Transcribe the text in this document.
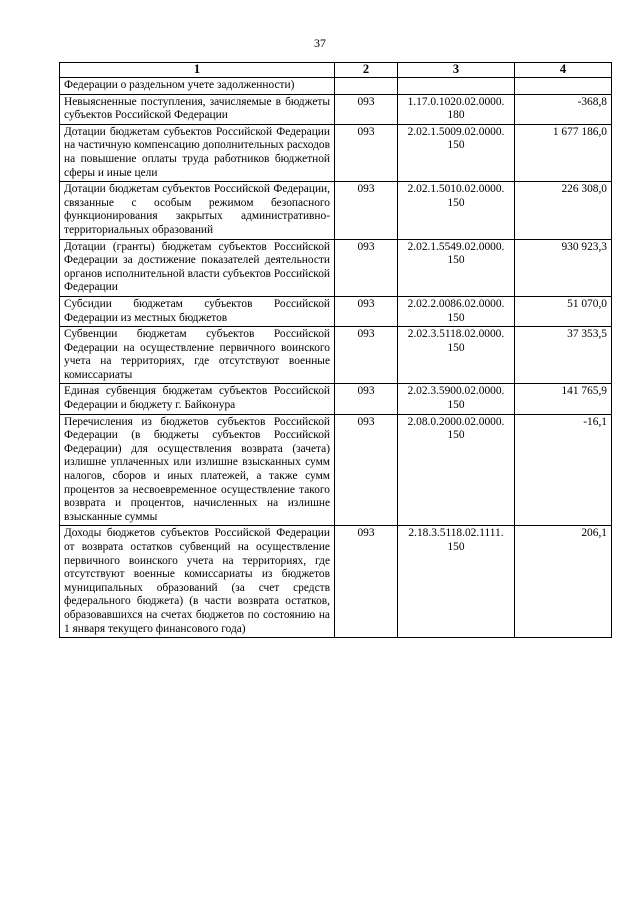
37
1	2	3	4
Федерации о раздельном учете задолженности)			
Невыясненные поступления, зачисляемые в бюджеты субъектов Российской Федерации	093	1.17.0.1020.02.0000. 180	-368,8
Дотации бюджетам субъектов Российской Федерации на частичную компенсацию дополнительных расходов на повышение оплаты труда работников бюджетной сферы и иные цели	093	2.02.1.5009.02.0000. 150	1 677 186,0
Дотации бюджетам субъектов Российской Федерации, связанные с особым режимом безопасного функционирования закрытых административно-территориальных образований	093	2.02.1.5010.02.0000. 150	226 308,0
Дотации (гранты) бюджетам субъектов Российской Федерации за достижение показателей деятельности органов исполнительной власти субъектов Российской Федерации	093	2.02.1.5549.02.0000. 150	930 923,3
Субсидии бюджетам субъектов Российской Федерации из местных бюджетов	093	2.02.2.0086.02.0000. 150	51 070,0
Субвенции бюджетам субъектов Российской Федерации на осуществление первичного воинского учета на территориях, где отсутствуют военные комиссариаты	093	2.02.3.5118.02.0000. 150	37 353,5
Единая субвенция бюджетам субъектов Российской Федерации и бюджету г. Байконура	093	2.02.3.5900.02.0000. 150	141 765,9
Перечисления из бюджетов субъектов Российской Федерации (в бюджеты субъектов Российской Федерации) для осуществления возврата (зачета) излишне уплаченных или излишне взысканных сумм налогов, сборов и иных платежей, а также сумм процентов за несвоевременное осуществление такого возврата и процентов, начисленных на излишне взысканные суммы	093	2.08.0.2000.02.0000. 150	-16,1
Доходы бюджетов субъектов Российской Федерации от возврата остатков субвенций на осуществление первичного воинского учета на территориях, где отсутствуют военные комиссариаты из бюджетов муниципальных образований (за счет средств федерального бюджета) (в части возврата остатков, образовавшихся на счетах бюджетов по состоянию на 1 января текущего финансового года)	093	2.18.3.5118.02.1111. 150	206,1
